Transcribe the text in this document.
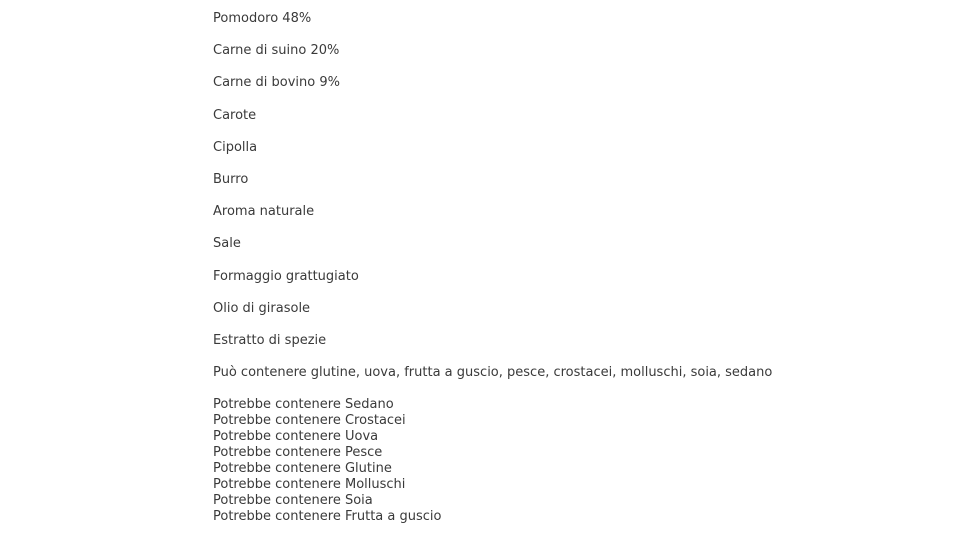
Pomodoro 48%
Carne di suino 20%
Carne di bovino 9%
Carote
Cipolla
Burro
Aroma naturale
Sale
Formaggio grattugiato
Olio di girasole
Estratto di spezie
Può contenere glutine, uova, frutta a guscio, pesce, crostacei, molluschi, soia, sedano
Potrebbe contenere Sedano
Potrebbe contenere Crostacei
Potrebbe contenere Uova
Potrebbe contenere Pesce
Potrebbe contenere Glutine
Potrebbe contenere Molluschi
Potrebbe contenere Soia
Potrebbe contenere Frutta a guscio
